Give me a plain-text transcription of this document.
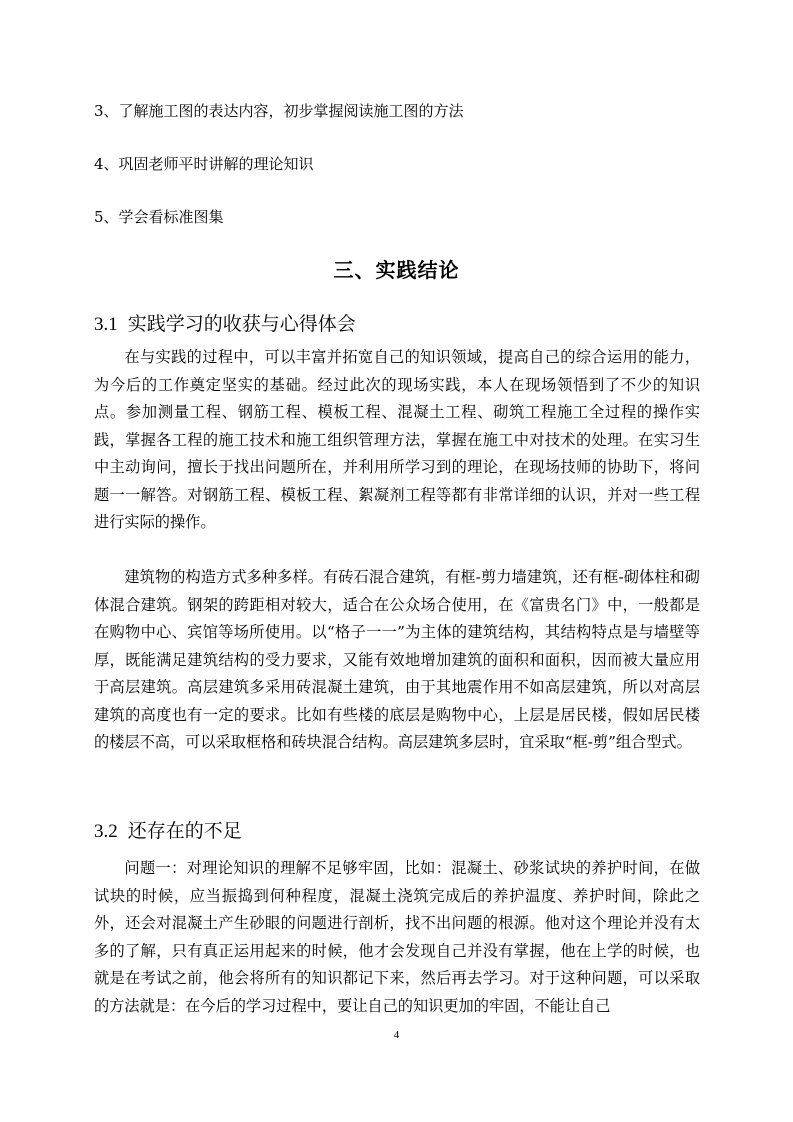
3、了解施工图的表达内容，初步掌握阅读施工图的方法
4、巩固老师平时讲解的理论知识
5、学会看标准图集
三、实践结论
3.1 实践学习的收获与心得体会

在与实践的过程中，可以丰富并拓宽自己的知识领域，提高自己的综合运用的能力，为今后的工作奠定坚实的基础。经过此次的现场实践，本人在现场领悟到了不少的知识点。参加测量工程、钢筋工程、模板工程、混凝土工程、砌筑工程施工全过程的操作实践，掌握各工程的施工技术和施工组织管理方法，掌握在施工中对技术的处理。在实习生中主动询问，擅长于找出问题所在，并利用所学习到的理论，在现场技师的协助下，将问题一一解答。对钢筋工程、模板工程、絮凝剂工程等都有非常详细的认识，并对一些工程进行实际的操作。

建筑物的构造方式多种多样。有砖石混合建筑，有框-剪力墙建筑，还有框-砌体柱和砌体混合建筑。钢架的跨距相对较大，适合在公众场合使用，在《富贵名门》中，一般都是在购物中心、宾馆等场所使用。以“格子一一”为主体的建筑结构，其结构特点是与墙壁等厚，既能满足建筑结构的受力要求，又能有效地增加建筑的面积和面积，因而被大量应用于高层建筑。高层建筑多采用砖混凝土建筑，由于其地震作用不如高层建筑，所以对高层建筑的高度也有一定的要求。比如有些楼的底层是购物中心，上层是居民楼，假如居民楼的楼层不高，可以采取框格和砖块混合结构。高层建筑多层时，宜采取“框-剪”组合型式。

3.2 还存在的不足

问题一：对理论知识的理解不足够牢固，比如：混凝土、砂浆试块的养护时间，在做试块的时候，应当振捣到何种程度，混凝土浇筑完成后的养护温度、养护时间，除此之外，还会对混凝土产生砂眼的问题进行剖析，找不出问题的根源。他对这个理论并没有太多的了解，只有真正运用起来的时候，他才会发现自己并没有掌握，他在上学的时候，也就是在考试之前，他会将所有的知识都记下来，然后再去学习。对于这种问题，可以采取的方法就是：在今后的学习过程中，要让自己的知识更加的牢固，不能让自己

4
